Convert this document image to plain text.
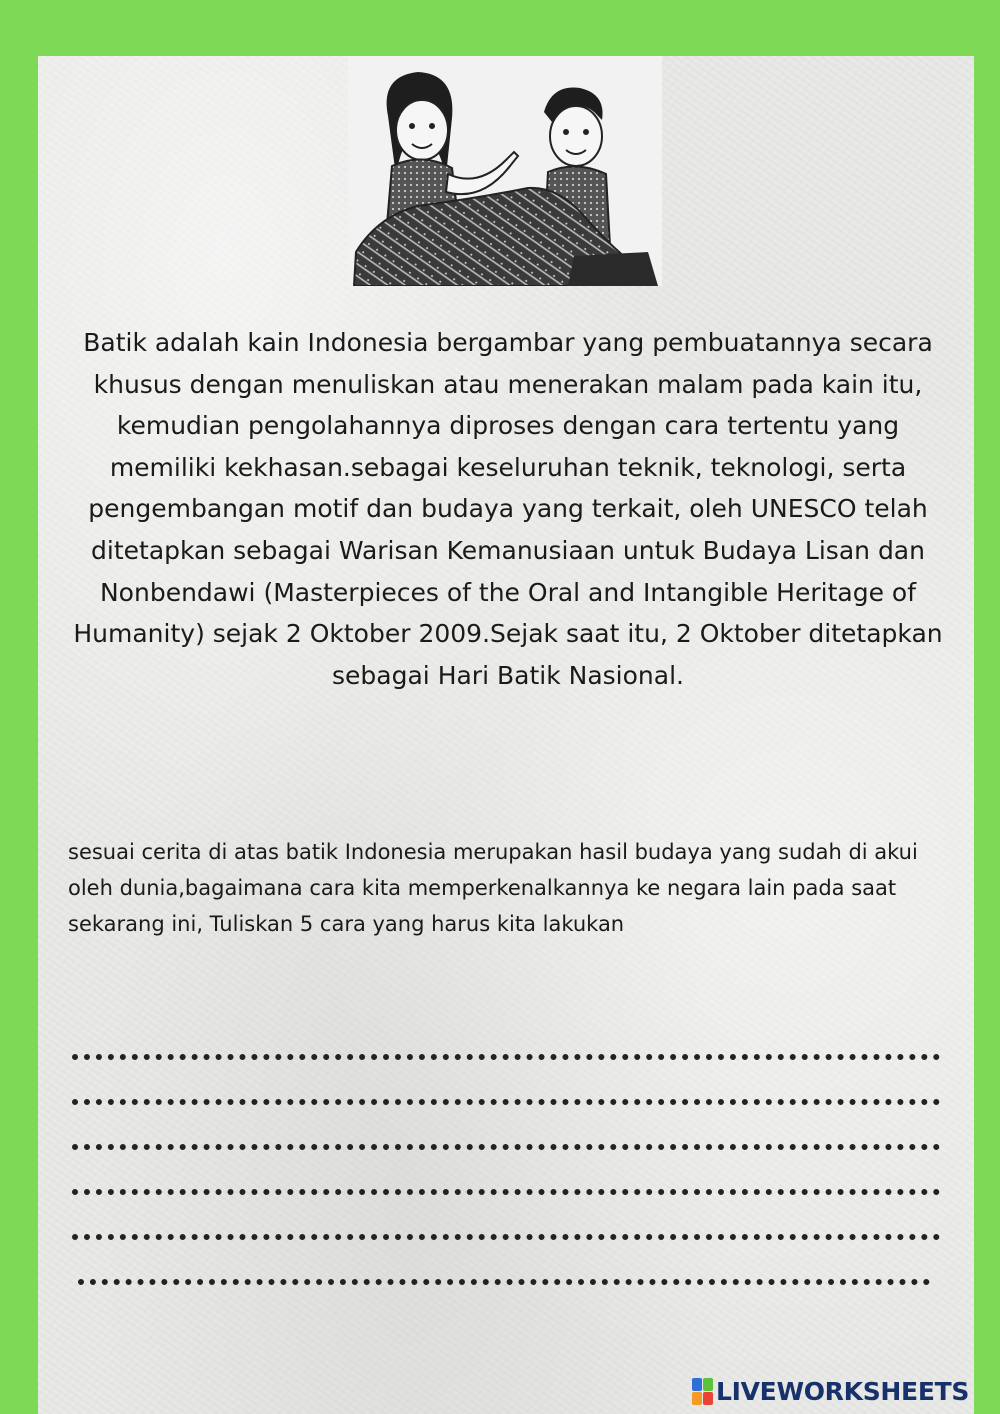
Batik adalah kain Indonesia bergambar yang pembuatannya secara khusus dengan menuliskan atau menerakan malam pada kain itu, kemudian pengolahannya diproses dengan cara tertentu yang memiliki kekhasan.sebagai keseluruhan teknik, teknologi, serta pengembangan motif dan budaya yang terkait, oleh UNESCO telah ditetapkan sebagai Warisan Kemanusiaan untuk Budaya Lisan dan Nonbendawi (Masterpieces of the Oral and Intangible Heritage of Humanity) sejak 2 Oktober 2009.Sejak saat itu, 2 Oktober ditetapkan sebagai Hari Batik Nasional.
sesuai cerita di atas batik Indonesia merupakan hasil budaya yang sudah di akui oleh dunia,bagaimana cara kita memperkenalkannya ke negara lain pada saat sekarang ini, Tuliskan 5 cara yang harus kita lakukan
LIVEWORKSHEETS
